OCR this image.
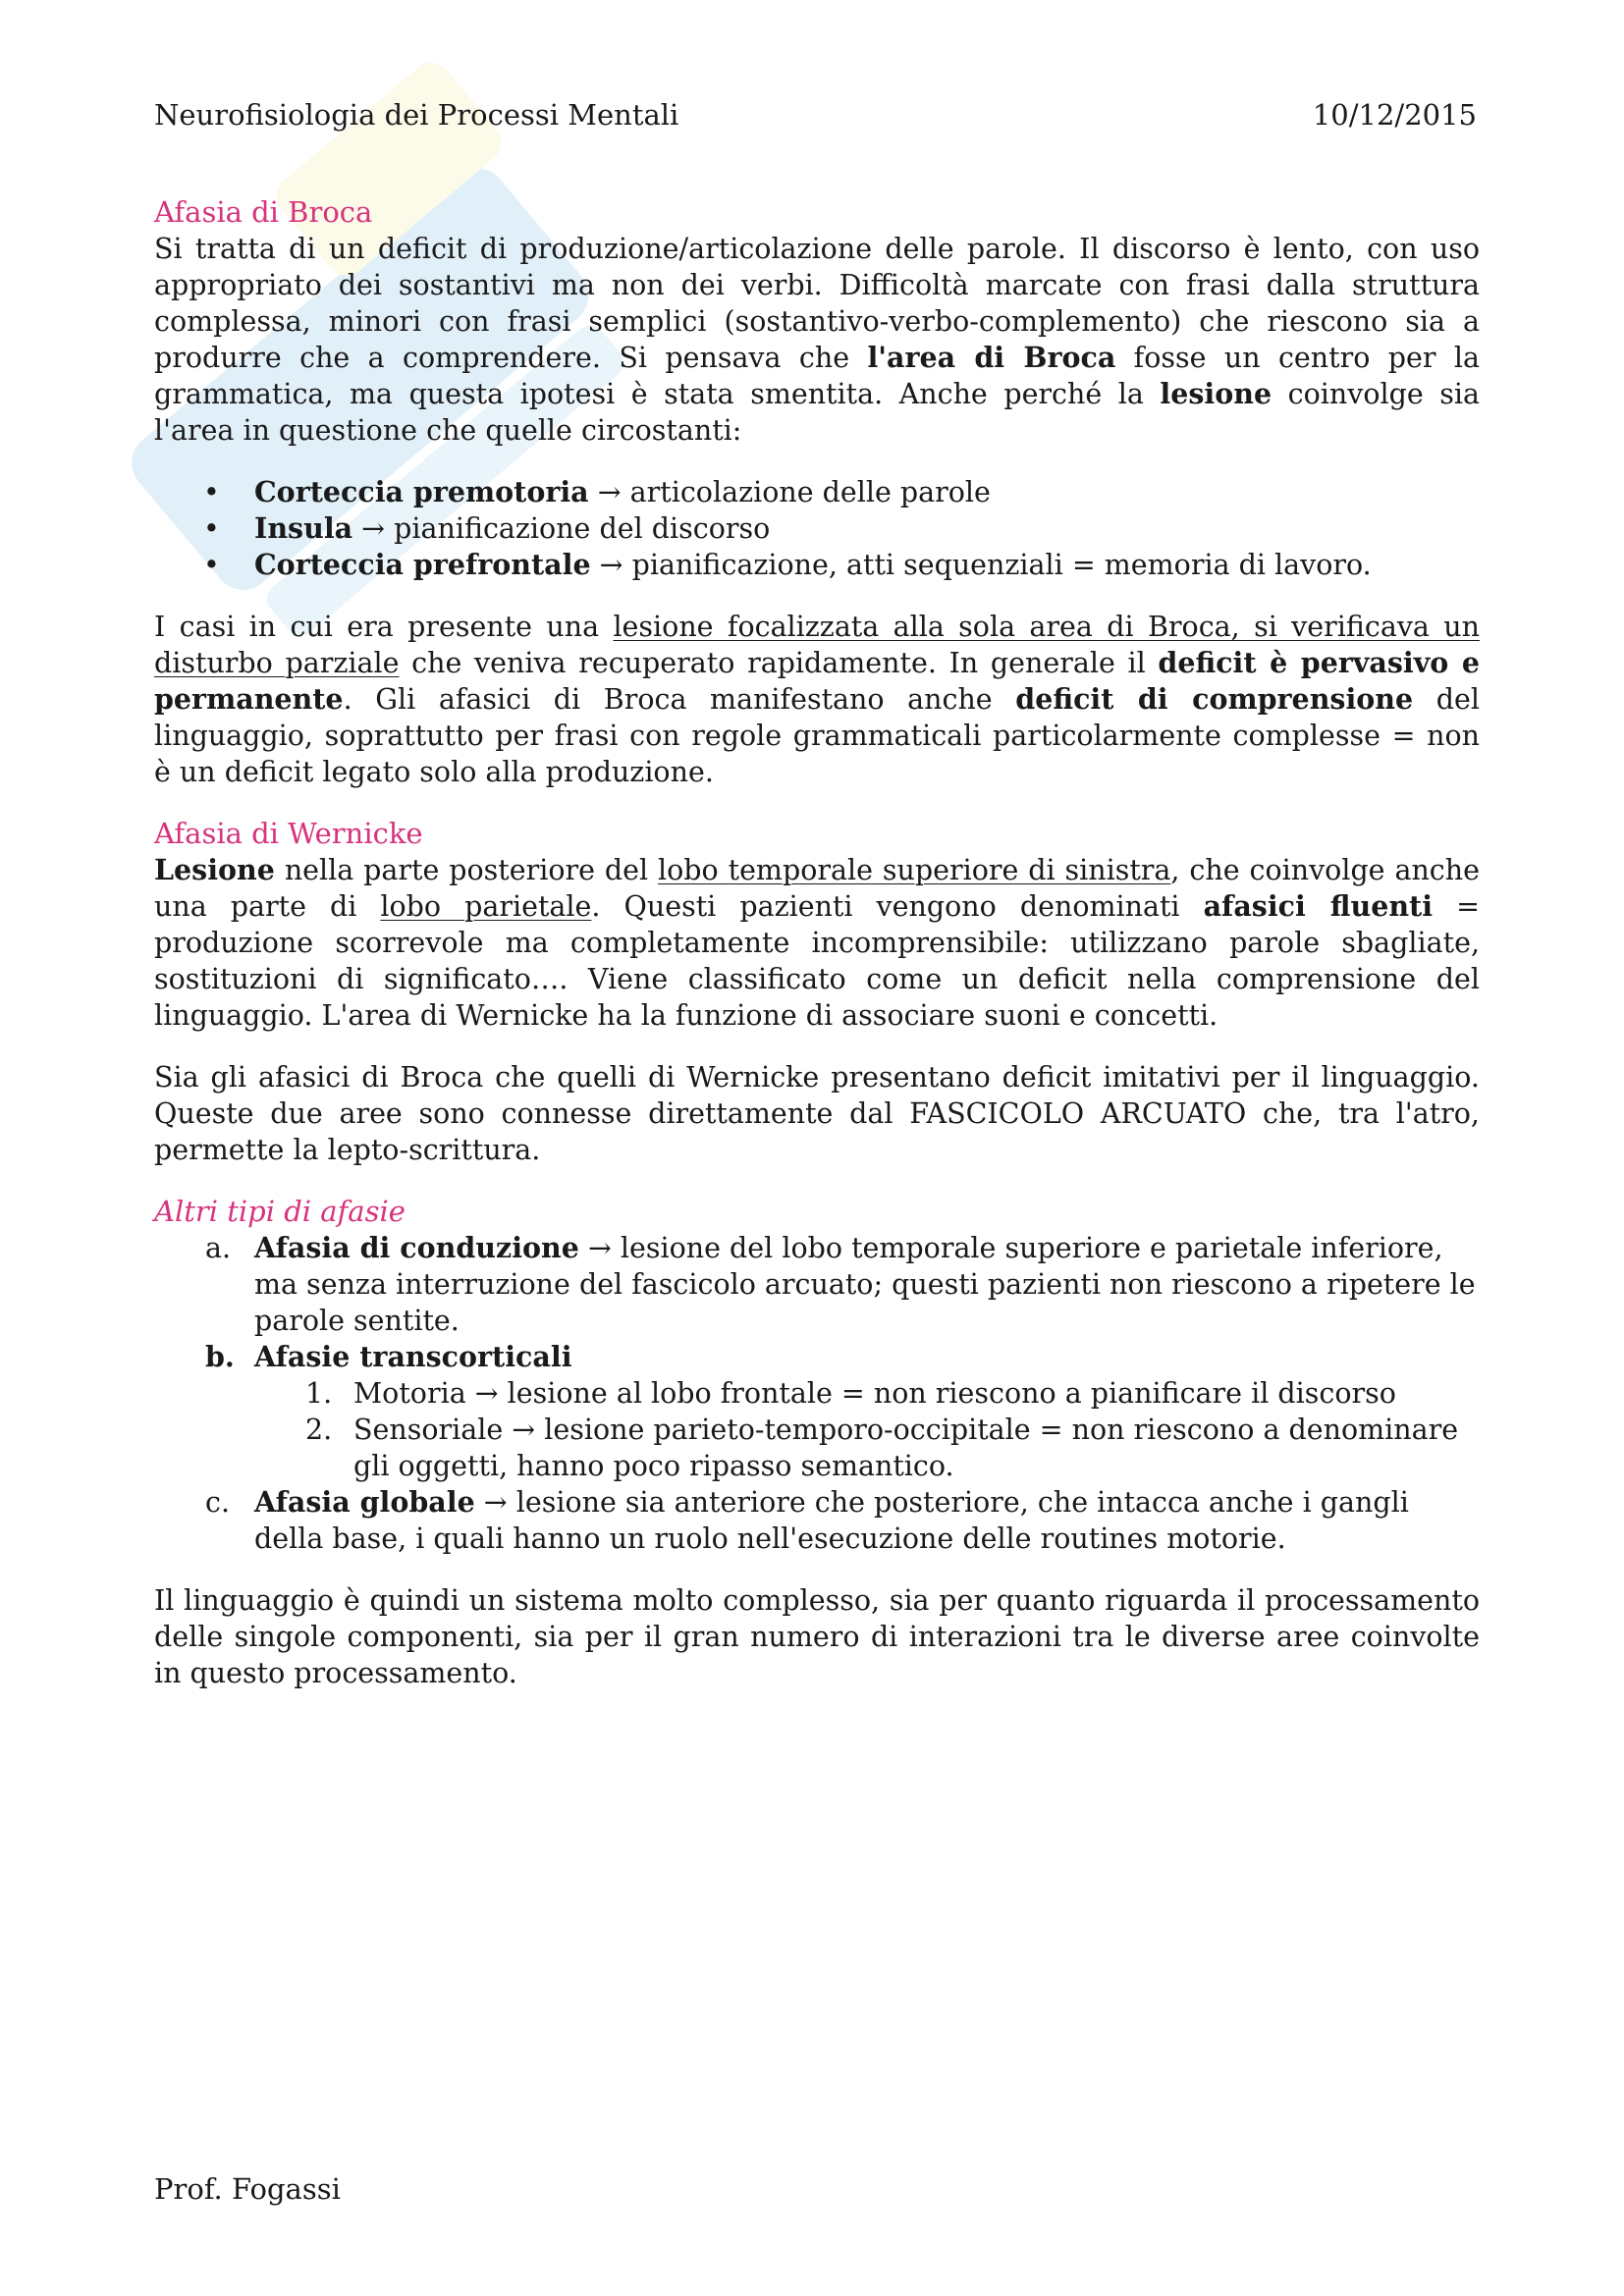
Neurofisiologia dei Processi Mentali	10/12/2015
Afasia di Broca

Si tratta di un deficit di produzione/articolazione delle parole. Il discorso è lento, con uso appropriato dei sostantivi ma non dei verbi. Difficoltà marcate con frasi dalla struttura complessa, minori con frasi semplici (sostantivo-verbo-complemento) che riescono sia a produrre che a comprendere. Si pensava che l'area di Broca fosse un centro per la grammatica, ma questa ipotesi è stata smentita. Anche perché la lesione coinvolge sia l'area in questione che quelle circostanti:

• Corteccia premotoria → articolazione delle parole
• Insula → pianificazione del discorso
• Corteccia prefrontale → pianificazione, atti sequenziali = memoria di lavoro.

I casi in cui era presente una lesione focalizzata alla sola area di Broca, si verificava un disturbo parziale che veniva recuperato rapidamente. In generale il deficit è pervasivo e permanente. Gli afasici di Broca manifestano anche deficit di comprensione del linguaggio, soprattutto per frasi con regole grammaticali particolarmente complesse = non è un deficit legato solo alla produzione.

Afasia di Wernicke

Lesione nella parte posteriore del lobo temporale superiore di sinistra, che coinvolge anche una parte di lobo parietale. Questi pazienti vengono denominati afasici fluenti = produzione scorrevole ma completamente incomprensibile: utilizzano parole sbagliate, sostituzioni di significato…. Viene classificato come un deficit nella comprensione del linguaggio. L'area di Wernicke ha la funzione di associare suoni e concetti.

Sia gli afasici di Broca che quelli di Wernicke presentano deficit imitativi per il linguaggio. Queste due aree sono connesse direttamente dal FASCICOLO ARCUATO che, tra l'atro, permette la lepto-scrittura.

Altri tipi di afasie
a. Afasia di conduzione → lesione del lobo temporale superiore e parietale inferiore, ma senza interruzione del fascicolo arcuato; questi pazienti non riescono a ripetere le parole sentite.
b. Afasie transcorticali
1. Motoria → lesione al lobo frontale = non riescono a pianificare il discorso
2. Sensoriale → lesione parieto-temporo-occipitale = non riescono a denominare gli oggetti, hanno poco ripasso semantico.
c. Afasia globale → lesione sia anteriore che posteriore, che intacca anche i gangli della base, i quali hanno un ruolo nell'esecuzione delle routines motorie.

Il linguaggio è quindi un sistema molto complesso, sia per quanto riguarda il processamento delle singole componenti, sia per il gran numero di interazioni tra le diverse aree coinvolte in questo processamento.

Prof. Fogassi
